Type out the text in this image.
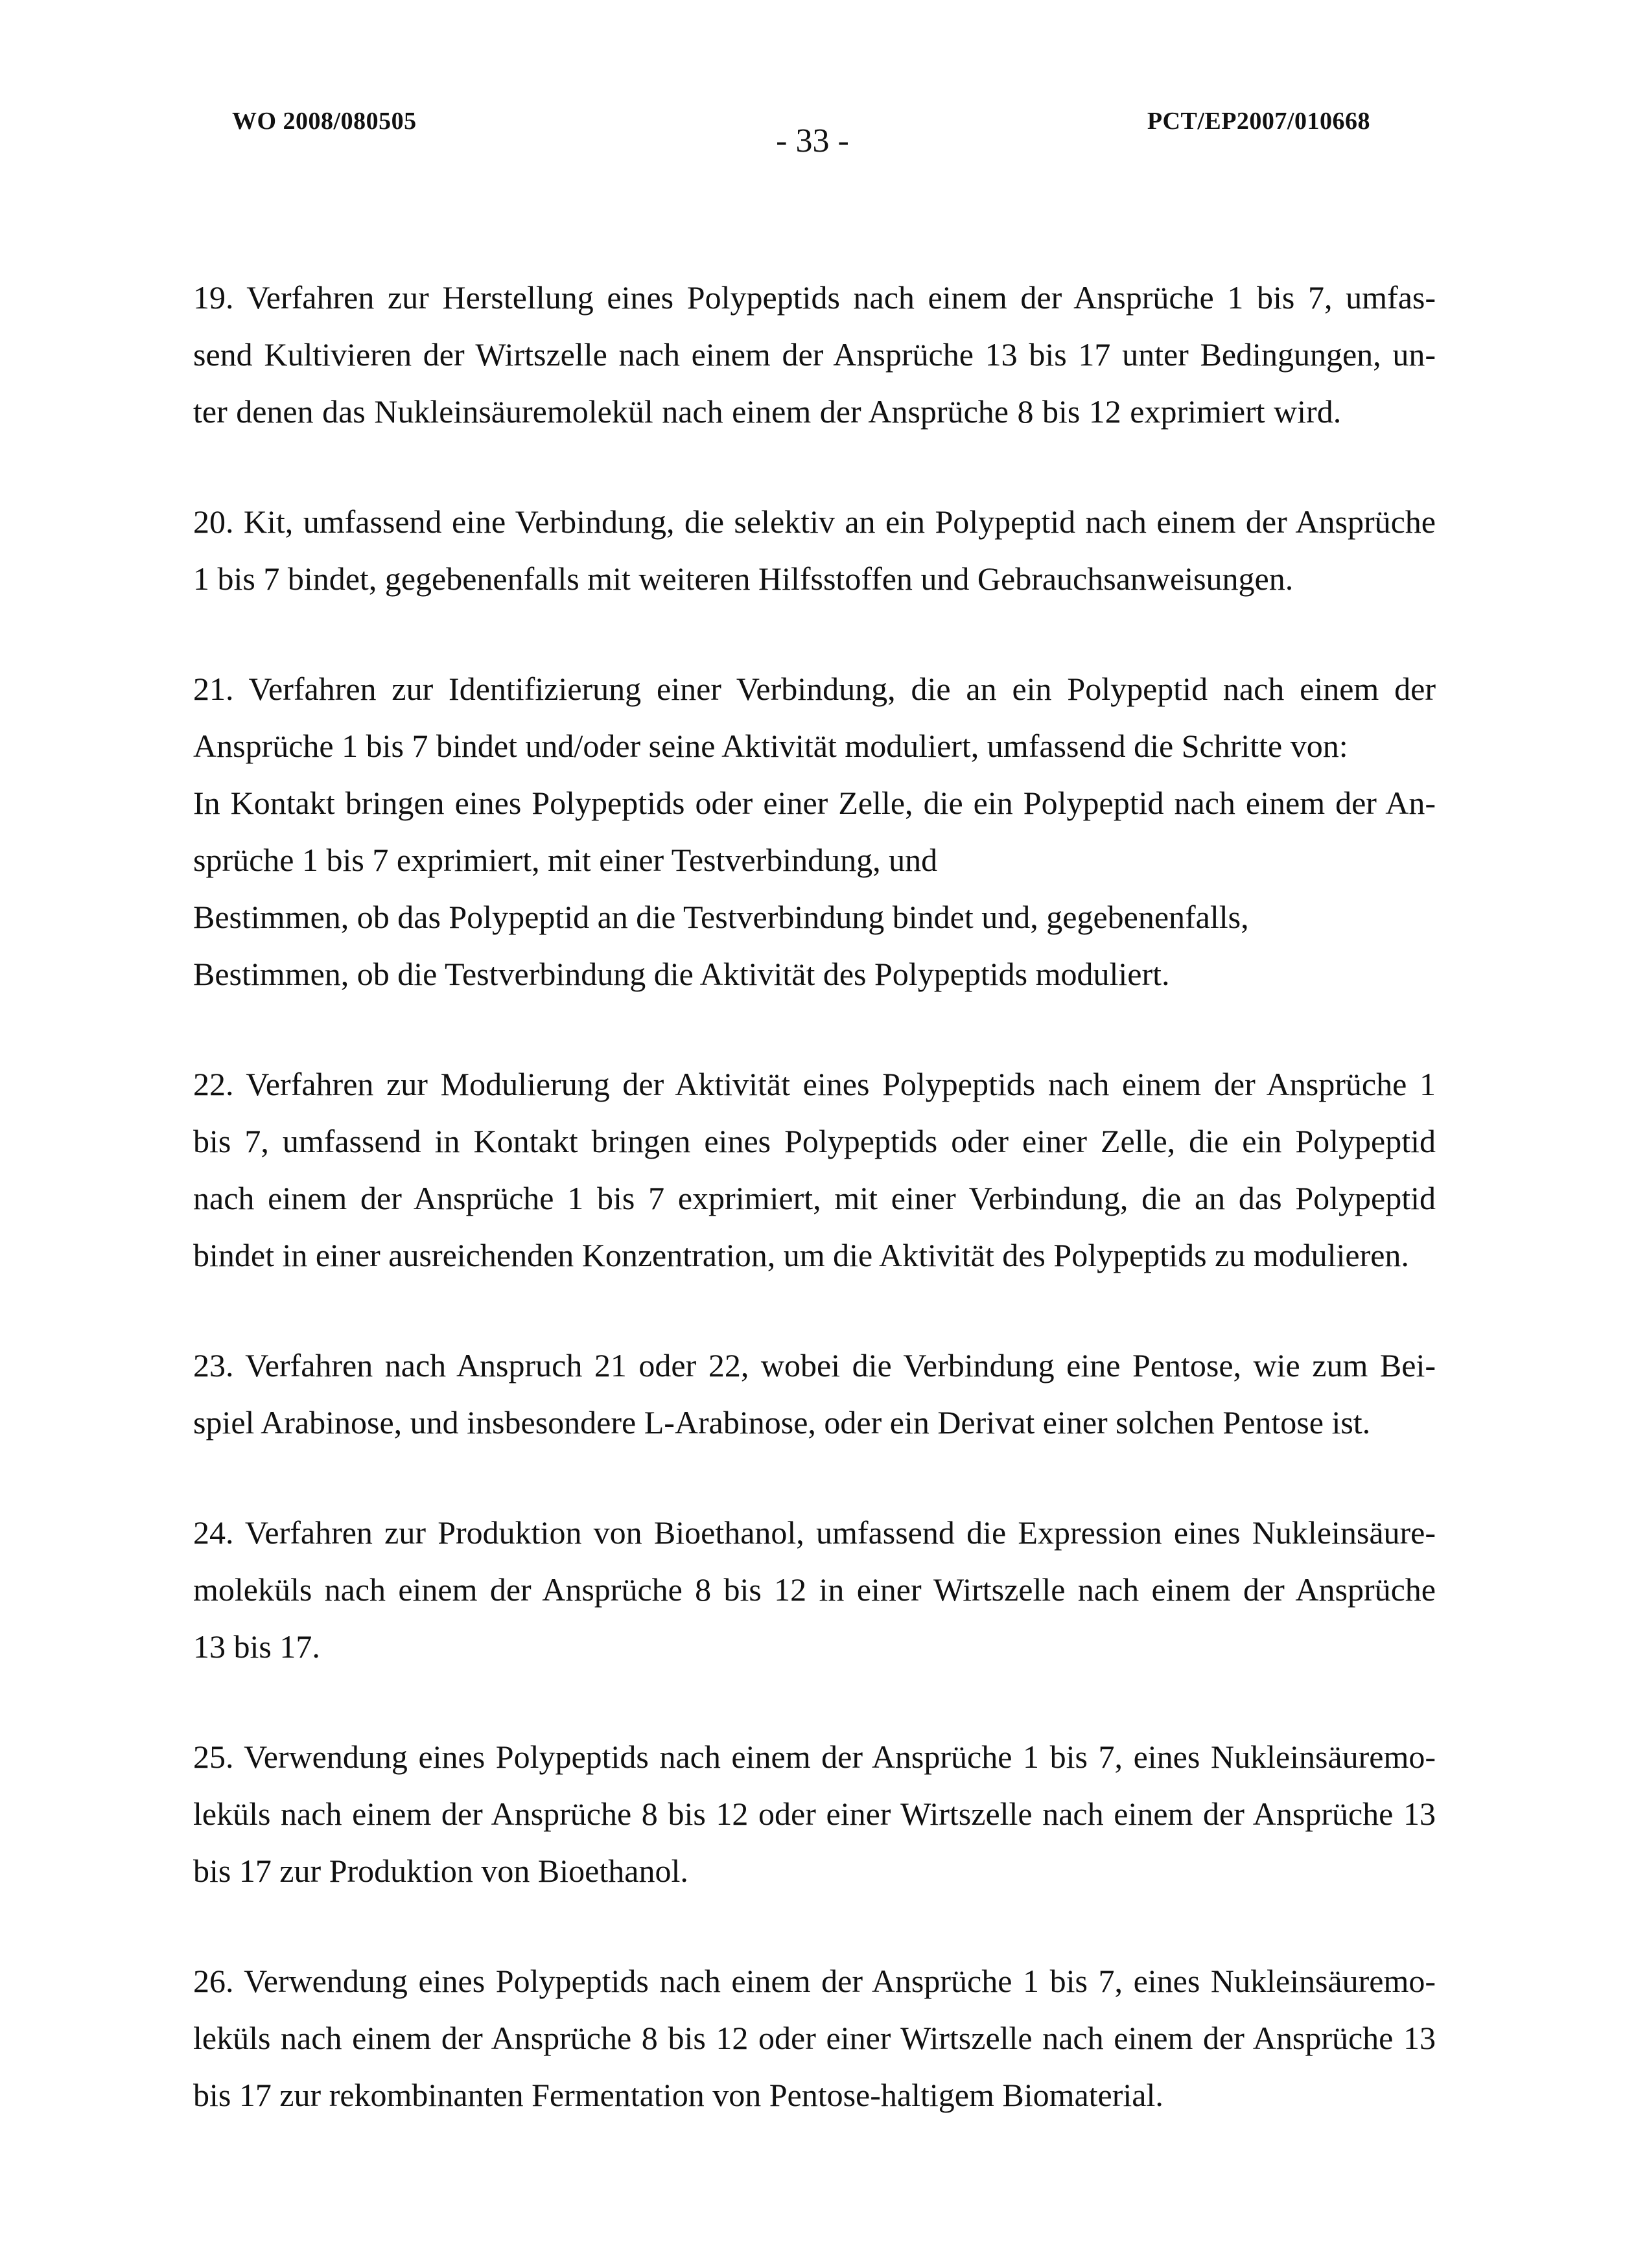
WO 2008/080505
- 33 -
PCT/EP2007/010668
19. Verfahren zur Herstellung eines Polypeptids nach einem der Ansprüche 1 bis 7, umfas-
send Kultivieren der Wirtszelle nach einem der Ansprüche 13 bis 17 unter Bedingungen, un-
ter denen das Nukleinsäuremolekül nach einem der Ansprüche 8 bis 12 exprimiert wird.
20. Kit, umfassend eine Verbindung, die selektiv an ein Polypeptid nach einem der Ansprüche
1 bis 7 bindet, gegebenenfalls mit weiteren Hilfsstoffen und Gebrauchsanweisungen.
21. Verfahren zur Identifizierung einer Verbindung, die an ein Polypeptid nach einem der
Ansprüche 1 bis 7 bindet und/oder seine Aktivität moduliert, umfassend die Schritte von:
In Kontakt bringen eines Polypeptids oder einer Zelle, die ein Polypeptid nach einem der An-
sprüche 1 bis 7 exprimiert, mit einer Testverbindung, und
Bestimmen, ob das Polypeptid an die Testverbindung bindet und, gegebenenfalls,
Bestimmen, ob die Testverbindung die Aktivität des Polypeptids moduliert.
22. Verfahren zur Modulierung der Aktivität eines Polypeptids nach einem der Ansprüche 1
bis 7, umfassend in Kontakt bringen eines Polypeptids oder einer Zelle, die ein Polypeptid
nach einem der Ansprüche 1 bis 7 exprimiert, mit einer Verbindung, die an das Polypeptid
bindet in einer ausreichenden Konzentration, um die Aktivität des Polypeptids zu modulieren.
23. Verfahren nach Anspruch 21 oder 22, wobei die Verbindung eine Pentose, wie zum Bei-
spiel Arabinose, und insbesondere L-Arabinose, oder ein Derivat einer solchen Pentose ist.
24. Verfahren zur Produktion von Bioethanol, umfassend die Expression eines Nukleinsäure-
moleküls nach einem der Ansprüche 8 bis 12 in einer Wirtszelle nach einem der Ansprüche
13 bis 17.
25. Verwendung eines Polypeptids nach einem der Ansprüche 1 bis 7, eines Nukleinsäuremo-
leküls nach einem der Ansprüche 8 bis 12 oder einer Wirtszelle nach einem der Ansprüche 13
bis 17 zur Produktion von Bioethanol.
26. Verwendung eines Polypeptids nach einem der Ansprüche 1 bis 7, eines Nukleinsäuremo-
leküls nach einem der Ansprüche 8 bis 12 oder einer Wirtszelle nach einem der Ansprüche 13
bis 17 zur rekombinanten Fermentation von Pentose-haltigem Biomaterial.
